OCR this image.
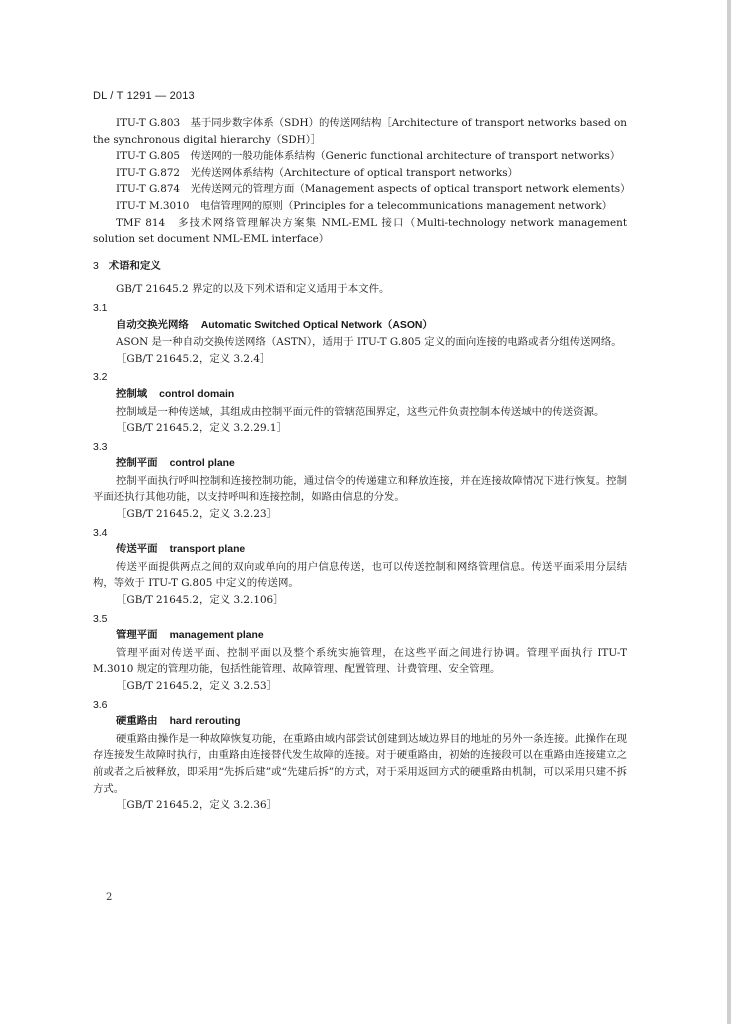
DL / T 1291 — 2013

ITU-T G.803　基于同步数字体系（SDH）的传送网结构［Architecture of transport networks based on the synchronous digital hierarchy（SDH）］

ITU-T G.805　传送网的一般功能体系结构（Generic functional architecture of transport networks）

ITU-T G.872　光传送网体系结构（Architecture of optical transport networks）

ITU-T G.874　光传送网元的管理方面（Management aspects of optical transport network elements）

ITU-T M.3010　电信管理网的原则（Principles for a telecommunications management network）

TMF 814　多技术网络管理解决方案集 NML-EML 接口（Multi-technology network management solution set document NML-EML interface）

3 术语和定义

GB/T 21645.2 界定的以及下列术语和定义适用于本文件。

3.1

自动交换光网络 Automatic Switched Optical Network（ASON）

ASON 是一种自动交换传送网络（ASTN），适用于 ITU-T G.805 定义的面向连接的电路或者分组传送网络。

［GB/T 21645.2，定义 3.2.4］

3.2

控制域 control domain

控制域是一种传送域，其组成由控制平面元件的管辖范围界定，这些元件负责控制本传送域中的传送资源。

［GB/T 21645.2，定义 3.2.29.1］

3.3

控制平面 control plane

控制平面执行呼叫控制和连接控制功能，通过信令的传递建立和释放连接，并在连接故障情况下进行恢复。控制平面还执行其他功能，以支持呼叫和连接控制，如路由信息的分发。

［GB/T 21645.2，定义 3.2.23］

3.4

传送平面 transport plane

传送平面提供两点之间的双向或单向的用户信息传送，也可以传送控制和网络管理信息。传送平面采用分层结构，等效于 ITU-T G.805 中定义的传送网。

［GB/T 21645.2，定义 3.2.106］

3.5

管理平面 management plane

管理平面对传送平面、控制平面以及整个系统实施管理，在这些平面之间进行协调。管理平面执行 ITU-T M.3010 规定的管理功能，包括性能管理、故障管理、配置管理、计费管理、安全管理。

［GB/T 21645.2，定义 3.2.53］

3.6

硬重路由 hard rerouting

硬重路由操作是一种故障恢复功能，在重路由域内部尝试创建到达域边界目的地址的另外一条连接。此操作在现存连接发生故障时执行，由重路由连接替代发生故障的连接。对于硬重路由，初始的连接段可以在重路由连接建立之前或者之后被释放，即采用“先拆后建”或“先建后拆”的方式，对于采用返回方式的硬重路由机制，可以采用只建不拆方式。

［GB/T 21645.2，定义 3.2.36］

2
